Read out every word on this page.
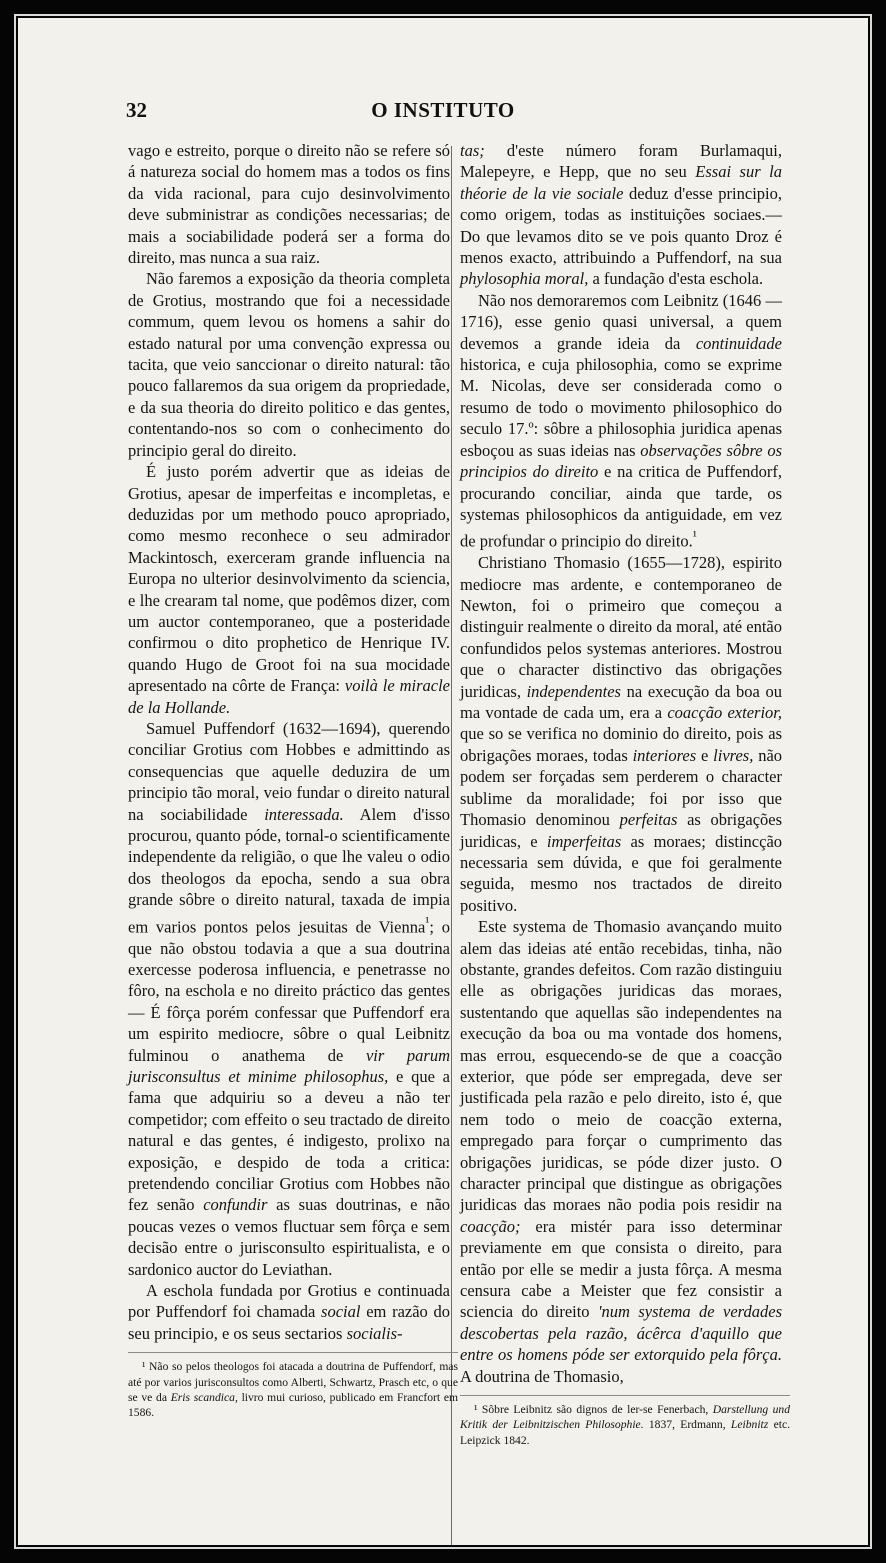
32	O INSTITUTO

vago e estreito, porque o direito não se refere só á natureza social do homem mas a todos os fins da vida racional, para cujo desinvolvimento deve subministrar as condições necessarias; de mais a sociabilidade poderá ser a forma do direito, mas nunca a sua raiz.

Não faremos a exposição da theoria completa de Grotius, mostrando que foi a necessidade commum, quem levou os homens a sahir do estado natural por uma convenção expressa ou tacita, que veio sanccionar o direito natural: tão pouco fallaremos da sua origem da propriedade, e da sua theoria do direito politico e das gentes, contentando-nos so com o conhecimento do principio geral do direito.

É justo porém advertir que as ideias de Grotius, apesar de imperfeitas e incompletas, e deduzidas por um methodo pouco apropriado, como mesmo reconhece o seu admirador Mackintosch, exerceram grande influencia na Europa no ulterior desinvolvimento da sciencia, e lhe crearam tal nome, que podêmos dizer, com um auctor contemporaneo, que a posteridade confirmou o dito prophetico de Henrique IV. quando Hugo de Groot foi na sua mocidade apresentado na côrte de França: voilà le miracle de la Hollande.

Samuel Puffendorf (1632—1694), querendo conciliar Grotius com Hobbes e admittindo as consequencias que aquelle deduzira de um principio tão moral, veio fundar o direito natural na sociabilidade interessada. Alem d'isso procurou, quanto póde, tornal-o scientificamente independente da religião, o que lhe valeu o odio dos theologos da epocha, sendo a sua obra grande sôbre o direito natural, taxada de impia em varios pontos pelos jesuitas de Vienna$^{^1}$; o que não obstou todavia a que a sua doutrina exercesse poderosa influencia, e penetrasse no fôro, na eschola e no direito práctico das gentes — É fôrça porém confessar que Puffendorf era um espirito mediocre, sôbre o qual Leibnitz fulminou o anathema de vir parum jurisconsultus et minime philosophus, e que a fama que adquiriu so a deveu a não ter competidor; com effeito o seu tractado de direito natural e das gentes, é indigesto, prolixo na exposição, e despido de toda a critica: pretendendo conciliar Grotius com Hobbes não fez senão confundir as suas doutrinas, e não poucas vezes o vemos fluctuar sem fôrça e sem decisão entre o jurisconsulto espiritualista, e o sardonico auctor do Leviathan.

A eschola fundada por Grotius e continuada por Puffendorf foi chamada social em razão do seu principio, e os seus sectarios socialis-

¹ Não so pelos theologos foi atacada a doutrina de Puffendorf, mas até por varios jurisconsultos como Alberti, Schwartz, Prasch etc, o que se ve da Eris scandica, livro mui curioso, publicado em Francfort em 1586.

tas; d'este número foram Burlamaqui, Malepeyre, e Hepp, que no seu Essai sur la théorie de la vie sociale deduz d'esse principio, como origem, todas as instituições sociaes.— Do que levamos dito se ve pois quanto Droz é menos exacto, attribuindo a Puffendorf, na sua phylosophia moral, a fundação d'esta eschola.

Não nos demoraremos com Leibnitz (1646 —1716), esse genio quasi universal, a quem devemos a grande ideia da continuidade historica, e cuja philosophia, como se exprime M. Nicolas, deve ser considerada como o resumo de todo o movimento philosophico do seculo 17.º: sôbre a philosophia juridica apenas esboçou as suas ideias nas observações sôbre os principios do direito e na critica de Puffendorf, procurando conciliar, ainda que tarde, os systemas philosophicos da antiguidade, em vez de profundar o principio do direito.$^{^1}$

Christiano Thomasio (1655—1728), espirito mediocre mas ardente, e contemporaneo de Newton, foi o primeiro que começou a distinguir realmente o direito da moral, até então confundidos pelos systemas anteriores. Mostrou que o character distinctivo das obrigações juridicas, independentes na execução da boa ou ma vontade de cada um, era a coacção exterior, que so se verifica no dominio do direito, pois as obrigações moraes, todas interiores e livres, não podem ser forçadas sem perderem o character sublime da moralidade; foi por isso que Thomasio denominou perfeitas as obrigações juridicas, e imperfeitas as moraes; distincção necessaria sem dúvida, e que foi geralmente seguida, mesmo nos tractados de direito positivo.

Este systema de Thomasio avançando muito alem das ideias até então recebidas, tinha, não obstante, grandes defeitos. Com razão distinguiu elle as obrigações juridicas das moraes, sustentando que aquellas são independentes na execução da boa ou ma vontade dos homens, mas errou, esquecendo-se de que a coacção exterior, que póde ser empregada, deve ser justificada pela razão e pelo direito, isto é, que nem todo o meio de coacção externa, empregado para forçar o cumprimento das obrigações juridicas, se póde dizer justo. O character principal que distingue as obrigações juridicas das moraes não podia pois residir na coacção; era mistér para isso determinar previamente em que consista o direito, para então por elle se medir a justa fôrça. A mesma censura cabe a Meister que fez consistir a sciencia do direito 'num systema de verdades descobertas pela razão, ácêrca d'aquillo que entre os homens póde ser extorquido pela fôrça. A doutrina de Thomasio,

¹ Sôbre Leibnitz são dignos de ler-se Fenerbach, Darstellung und Kritik der Leibnitzischen Philosophie. 1837, Erdmann, Leibnitz etc. Leipzick 1842.
